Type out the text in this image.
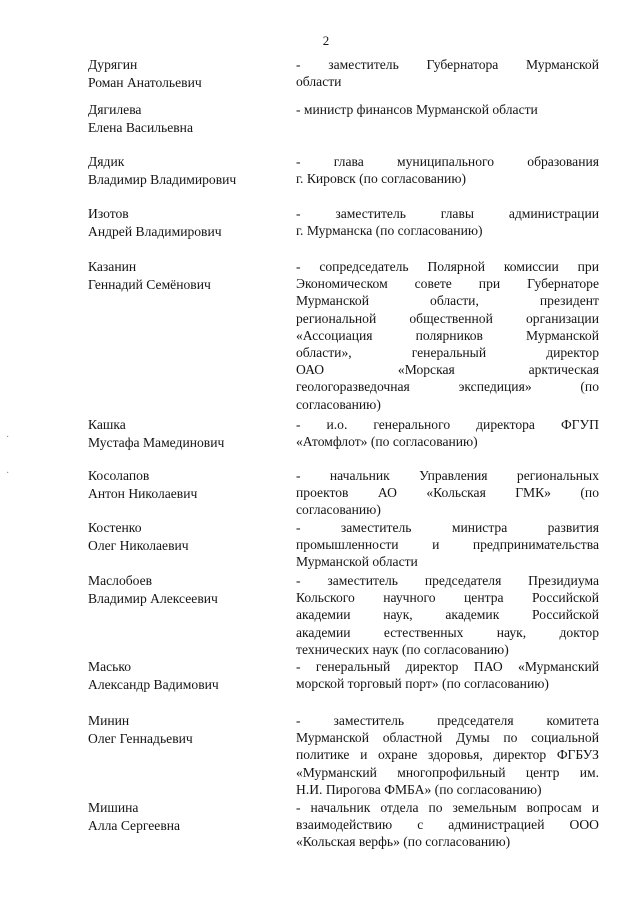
2
·
·
Дурягин
Роман Анатольевич
- заместитель Губернатора Мурманской
области
Дягилева
Елена Васильевна
- министр финансов Мурманской области
Дядик
Владимир Владимирович
- глава муниципального образования
г. Кировск (по согласованию)
Изотов
Андрей Владимирович
- заместитель главы администрации
г. Мурманска (по согласованию)
Казанин
Геннадий Семёнович
- сопредседатель Полярной комиссии при
Экономическом совете при Губернаторе
Мурманской области, президент
региональной общественной организации
«Ассоциация полярников Мурманской
области», генеральный директор
ОАО «Морская арктическая
геологоразведочная экспедиция» (по
согласованию)
Кашка
Мустафа Мамединович
- и.о. генерального директора ФГУП
«Атомфлот» (по согласованию)
Косолапов
Антон Николаевич
- начальник Управления региональных
проектов АО «Кольская ГМК» (по
согласованию)
Костенко
Олег Николаевич
- заместитель министра развития
промышленности и предпринимательства
Мурманской области
Маслобоев
Владимир Алексеевич
- заместитель председателя Президиума
Кольского научного центра Российской
академии наук, академик Российской
академии естественных наук, доктор
технических наук (по согласованию)
Масько
Александр Вадимович
- генеральный директор ПАО «Мурманский
морской торговый порт» (по согласованию)
Минин
Олег Геннадьевич
- заместитель председателя комитета
Мурманской областной Думы по социальной
политике и охране здоровья, директор ФГБУЗ
«Мурманский многопрофильный центр им.
Н.И. Пирогова ФМБА» (по согласованию)
Мишина
Алла Сергеевна
- начальник отдела по земельным вопросам и
взаимодействию с администрацией ООО
«Кольская верфь» (по согласованию)
